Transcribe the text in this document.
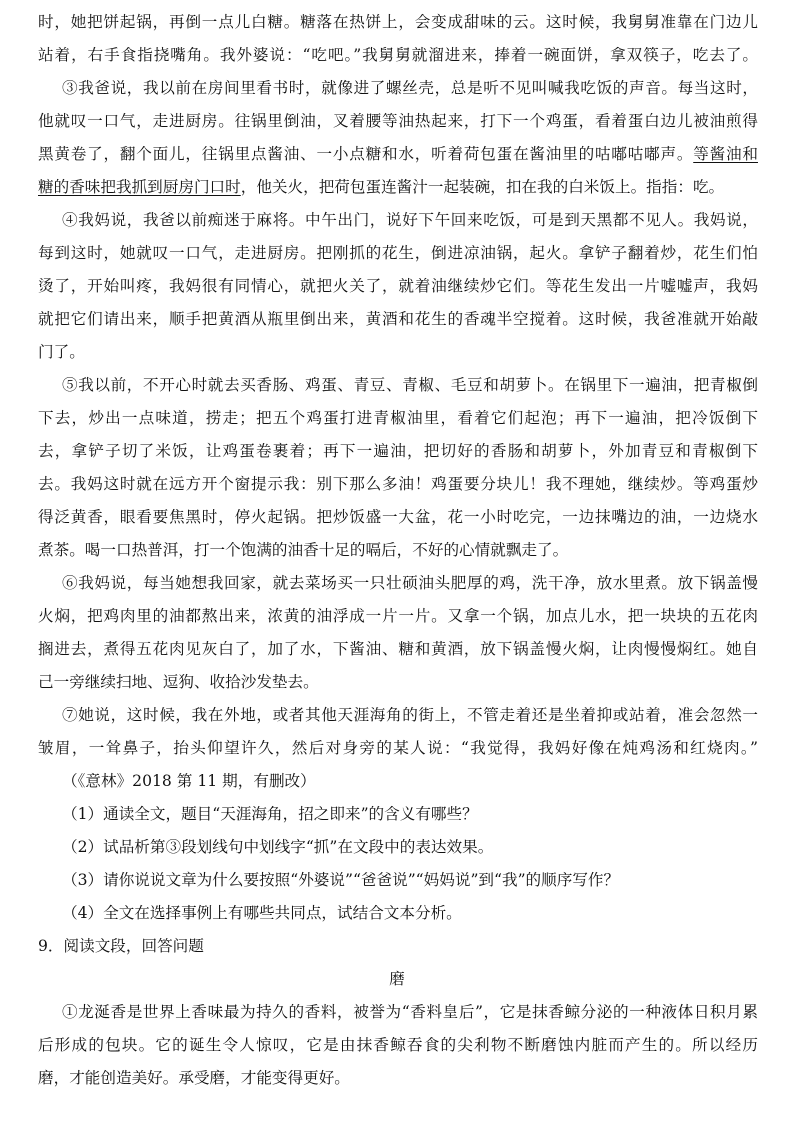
时，她把饼起锅，再倒一点儿白糖。糖落在热饼上，会变成甜味的云。这时候，我舅舅准靠在门边儿
站着，右手食指挠嘴角。我外婆说：“吃吧。”我舅舅就溜进来，捧着一碗面饼，拿双筷子，吃去了。
③我爸说，我以前在房间里看书时，就像进了螺丝壳，总是听不见叫喊我吃饭的声音。每当这时，
他就叹一口气，走进厨房。往锅里倒油，叉着腰等油热起来，打下一个鸡蛋，看着蛋白边儿被油煎得
黑黄卷了，翻个面儿，往锅里点酱油、一小点糖和水，听着荷包蛋在酱油里的咕嘟咕嘟声。等酱油和
糖的香味把我抓到厨房门口时，他关火，把荷包蛋连酱汁一起装碗，扣在我的白米饭上。指指：吃。
④我妈说，我爸以前痴迷于麻将。中午出门，说好下午回来吃饭，可是到天黑都不见人。我妈说，
每到这时，她就叹一口气，走进厨房。把刚抓的花生，倒进凉油锅，起火。拿铲子翻着炒，花生们怕
烫了，开始叫疼，我妈很有同情心，就把火关了，就着油继续炒它们。等花生发出一片嘘嘘声，我妈
就把它们请出来，顺手把黄酒从瓶里倒出来，黄酒和花生的香魂半空搅着。这时候，我爸准就开始敲
门了。
⑤我以前，不开心时就去买香肠、鸡蛋、青豆、青椒、毛豆和胡萝卜。在锅里下一遍油，把青椒倒
下去，炒出一点味道，捞走；把五个鸡蛋打进青椒油里，看着它们起泡；再下一遍油，把冷饭倒下
去，拿铲子切了米饭，让鸡蛋卷裹着；再下一遍油，把切好的香肠和胡萝卜，外加青豆和青椒倒下
去。我妈这时就在远方开个窗提示我：别下那么多油！鸡蛋要分块儿！我不理她，继续炒。等鸡蛋炒
得泛黄香，眼看要焦黑时，停火起锅。把炒饭盛一大盆，花一小时吃完，一边抹嘴边的油，一边烧水
煮茶。喝一口热普洱，打一个饱满的油香十足的嗝后，不好的心情就飘走了。
⑥我妈说，每当她想我回家，就去菜场买一只壮硕油头肥厚的鸡，洗干净，放水里煮。放下锅盖慢
火焖，把鸡肉里的油都熬出来，浓黄的油浮成一片一片。又拿一个锅，加点儿水，把一块块的五花肉
搁进去，煮得五花肉见灰白了，加了水，下酱油、糖和黄酒，放下锅盖慢火焖，让肉慢慢焖红。她自
己一旁继续扫地、逗狗、收拾沙发垫去。
⑦她说，这时候，我在外地，或者其他天涯海角的街上，不管走着还是坐着抑或站着，准会忽然一
皱眉，一耸鼻子，抬头仰望许久，然后对身旁的某人说：“我觉得，我妈好像在炖鸡汤和红烧肉。”
（《意林》2018 第 11 期，有删改）
（1）通读全文，题目“天涯海角，招之即来”的含义有哪些？
（2）试品析第③段划线句中划线字“抓”在文段中的表达效果。
（3）请你说说文章为什么要按照“外婆说”“爸爸说”“妈妈说”到“我”的顺序写作？
（4）全文在选择事例上有哪些共同点，试结合文本分析。
9．阅读文段，回答问题
磨
①龙涎香是世界上香味最为持久的香料，被誉为“香料皇后”，它是抹香鲸分泌的一种液体日积月累
后形成的包块。它的诞生令人惊叹，它是由抹香鲸吞食的尖利物不断磨蚀内脏而产生的。所以经历
磨，才能创造美好。承受磨，才能变得更好。
